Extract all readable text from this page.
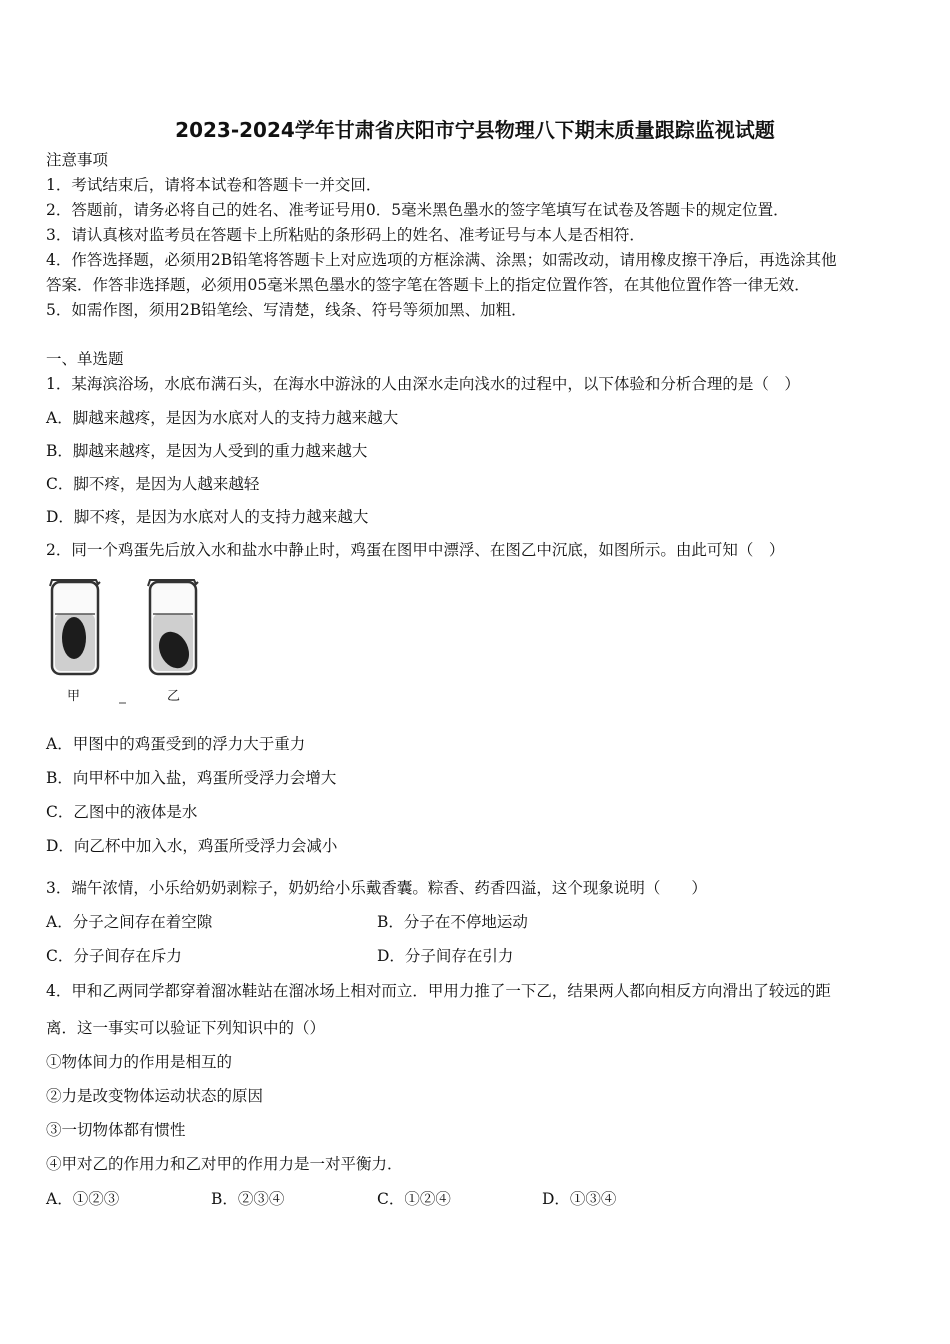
2023-2024学年甘肃省庆阳市宁县物理八下期末质量跟踪监视试题
注意事项
1．考试结束后，请将本试卷和答题卡一并交回．
2．答题前，请务必将自己的姓名、准考证号用0．5毫米黑色墨水的签字笔填写在试卷及答题卡的规定位置．
3．请认真核对监考员在答题卡上所粘贴的条形码上的姓名、准考证号与本人是否相符．
4．作答选择题，必须用2B铅笔将答题卡上对应选项的方框涂满、涂黑；如需改动，请用橡皮擦干净后，再选涂其他
答案．作答非选择题，必须用05毫米黑色墨水的签字笔在答题卡上的指定位置作答，在其他位置作答一律无效．
5．如需作图，须用2B铅笔绘、写清楚，线条、符号等须加黑、加粗．
一、单选题
1．某海滨浴场，水底布满石头，在海水中游泳的人由深水走向浅水的过程中，以下体验和分析合理的是（　）
A．脚越来越疼，是因为水底对人的支持力越来越大
B．脚越来越疼，是因为人受到的重力越来越大
C．脚不疼，是因为人越来越轻
D．脚不疼，是因为水底对人的支持力越来越大
2．同一个鸡蛋先后放入水和盐水中静止时，鸡蛋在图甲中漂浮、在图乙中沉底，如图所示。由此可知（　）
甲	乙
A．甲图中的鸡蛋受到的浮力大于重力
B．向甲杯中加入盐，鸡蛋所受浮力会增大
C．乙图中的液体是水
D．向乙杯中加入水，鸡蛋所受浮力会减小
3．端午浓情，小乐给奶奶剥粽子，奶奶给小乐戴香囊。粽香、药香四溢，这个现象说明（　　）
A．分子之间存在着空隙	B．分子在不停地运动
C．分子间存在斥力	D．分子间存在引力
4．甲和乙两同学都穿着溜冰鞋站在溜冰场上相对而立．甲用力推了一下乙，结果两人都向相反方向滑出了较远的距
离．这一事实可以验证下列知识中的（）
①物体间力的作用是相互的
②力是改变物体运动状态的原因
③一切物体都有惯性
④甲对乙的作用力和乙对甲的作用力是一对平衡力．
A．①②③	B．②③④	C．①②④	D．①③④
